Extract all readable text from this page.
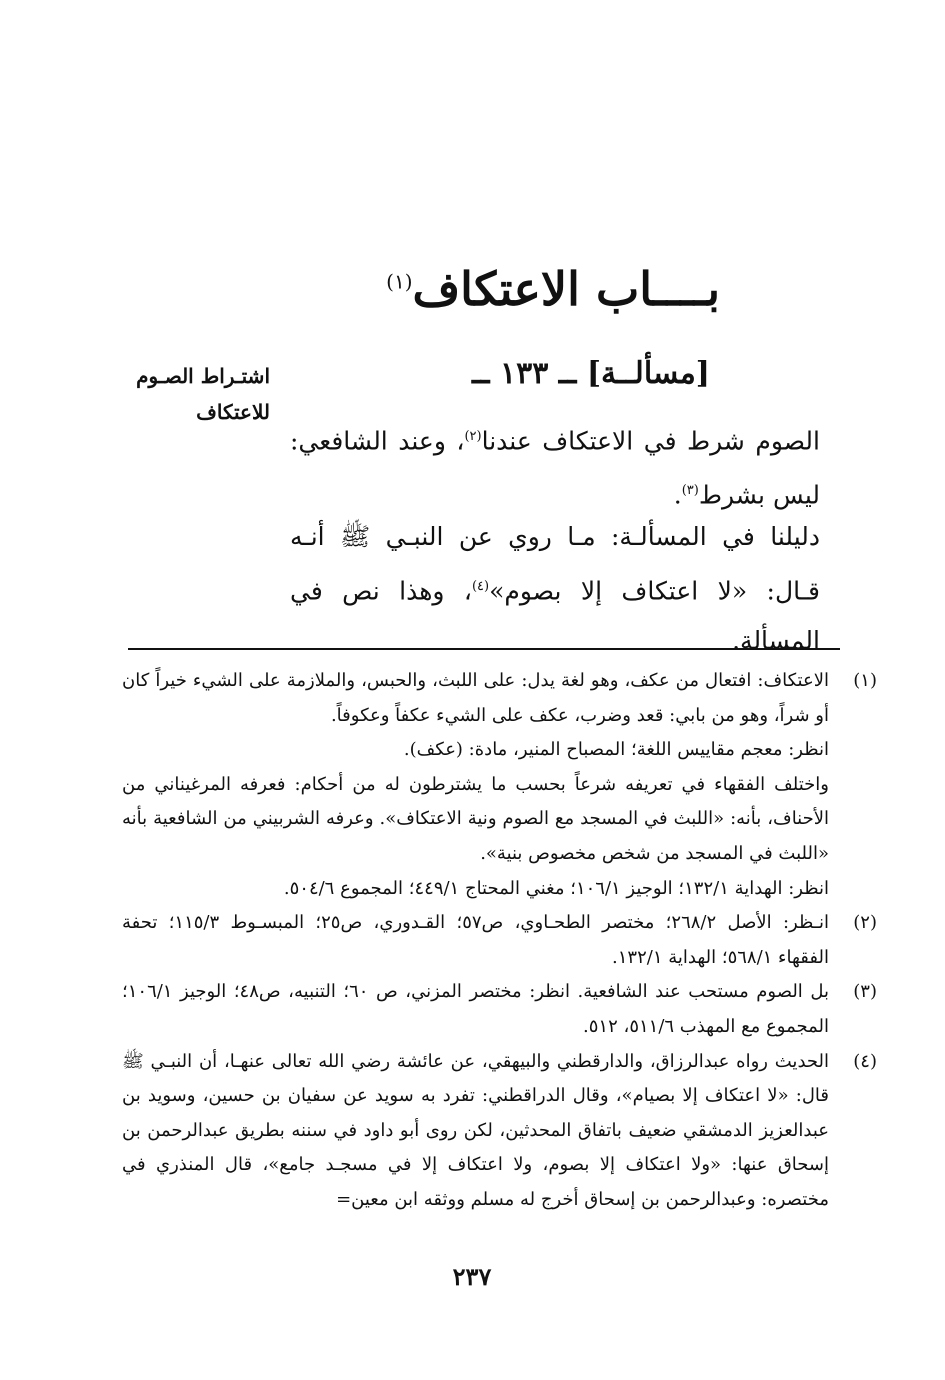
بــــاب الاعتكاف$^{(١)}$
اشتـراط الصـوم
للاعتكاف
[مسألــة] ــ ١٣٣ ــ
الصوم شرط في الاعتكاف عندنا$^{(٢)}$، وعند الشافعي: ليس بشرط$^{(٣)}$.
دليلنا في المسألـة: مـا روي عن النبـي ﷺ أنـه قـال: «لا اعتكاف إلا بصوم»$^{(٤)}$، وهذا نص في المسألة.
(١)
الاعتكاف: افتعال من عكف، وهو لغة يدل: على اللبث، والحبس، والملازمة على الشيء خيراً كان أو شراً، وهو من بابي: قعد وضرب، عكف على الشيء عكفاً وعكوفاً.
انظر: معجم مقاييس اللغة؛ المصباح المنير، مادة: (عكف).
واختلف الفقهاء في تعريفه شرعاً بحسب ما يشترطون له من أحكام: فعرفه المرغيناني من الأحناف، بأنه: «اللبث في المسجد مع الصوم ونية الاعتكاف». وعرفه الشربيني من الشافعية بأنه «اللبث في المسجد من شخص مخصوص بنية».
انظر: الهداية ١٣٢/١؛ الوجيز ١٠٦/١؛ مغني المحتاج ٤٤٩/١؛ المجموع ٥٠٤/٦.
(٢)
انـظر: الأصل ٢٦٨/٢؛ مختصر الطحـاوي، ص٥٧؛ القـدوري، ص٢٥؛ المبسـوط ١١٥/٣؛ تحفة الفقهاء ٥٦٨/١؛ الهداية ١٣٢/١.
(٣)
بل الصوم مستحب عند الشافعية. انظر: مختصر المزني، ص ٦٠؛ التنبيه، ص٤٨؛ الوجيز ١٠٦/١؛ المجموع مع المهذب ٥١١/٦، ٥١٢.
(٤)
الحديث رواه عبدالرزاق، والدارقطني والبيهقي، عن عائشة رضي الله تعالى عنهـا، أن النبـي ﷺ قال: «لا اعتكاف إلا بصيام»، وقال الدراقطني: تفرد به سويد عن سفيان بن حسين، وسويد بن عبدالعزيز الدمشقي ضعيف باتفاق المحدثين، لكن روى أبو داود في سننه بطريق عبدالرحمن بن إسحاق عنها: «ولا اعتكاف إلا بصوم، ولا اعتكاف إلا في مسجـد جامع»، قال المنذري في مختصره: وعبدالرحمن بن إسحاق أخرج له مسلم ووثقه ابن معين=
٢٣٧
